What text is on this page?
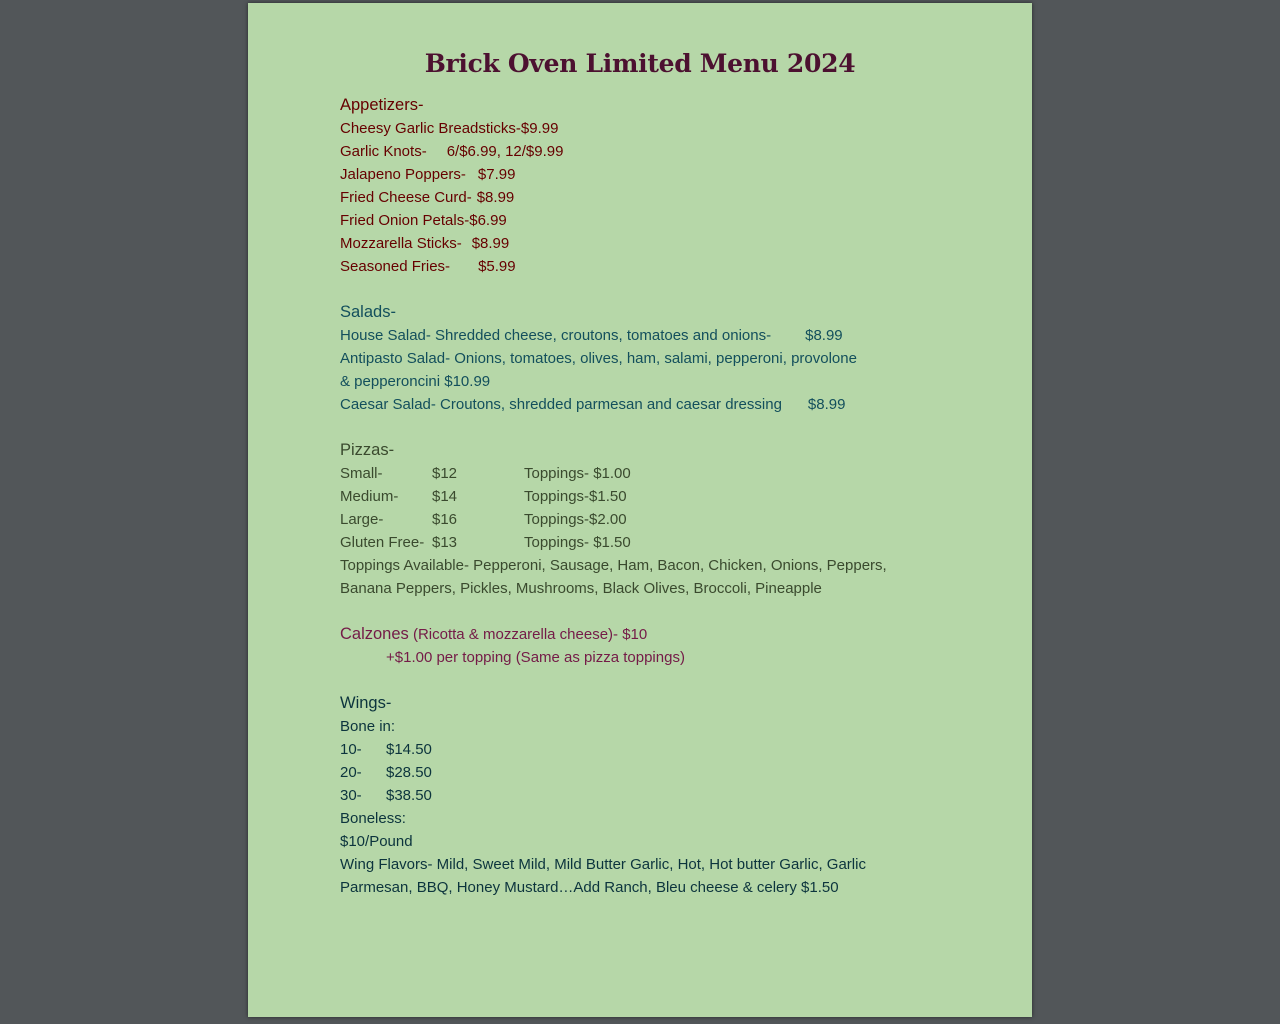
Brick Oven Limited Menu 2024
Appetizers-
Cheesy Garlic Breadsticks-$9.99
Garlic Knots- 6/$6.99, 12/$9.99
Jalapeno Poppers- $7.99
Fried Cheese Curd- $8.99
Fried Onion Petals-$6.99
Mozzarella Sticks- $8.99
Seasoned Fries- $5.99
Salads-
House Salad- Shredded cheese, croutons, tomatoes and onions- $8.99
Antipasto Salad- Onions, tomatoes, olives, ham, salami, pepperoni, provolone & pepperoncini $10.99
Caesar Salad- Croutons, shredded parmesan and caesar dressing $8.99
Pizzas-
Small-	$12	Toppings- $1.00
Medium- $14	Toppings-$1.50
Large-	$16	Toppings-$2.00
Gluten Free- $13	Toppings- $1.50
Toppings Available- Pepperoni, Sausage, Ham, Bacon, Chicken, Onions, Peppers, Banana Peppers, Pickles, Mushrooms, Black Olives, Broccoli, Pineapple
Calzones (Ricotta & mozzarella cheese)- $10
+$1.00 per topping (Same as pizza toppings)
Wings-
Bone in:
10- $14.50
20- $28.50
30- $38.50
Boneless:
$10/Pound
Wing Flavors- Mild, Sweet Mild, Mild Butter Garlic, Hot, Hot butter Garlic, Garlic Parmesan, BBQ, Honey Mustard…Add Ranch, Bleu cheese & celery $1.50
